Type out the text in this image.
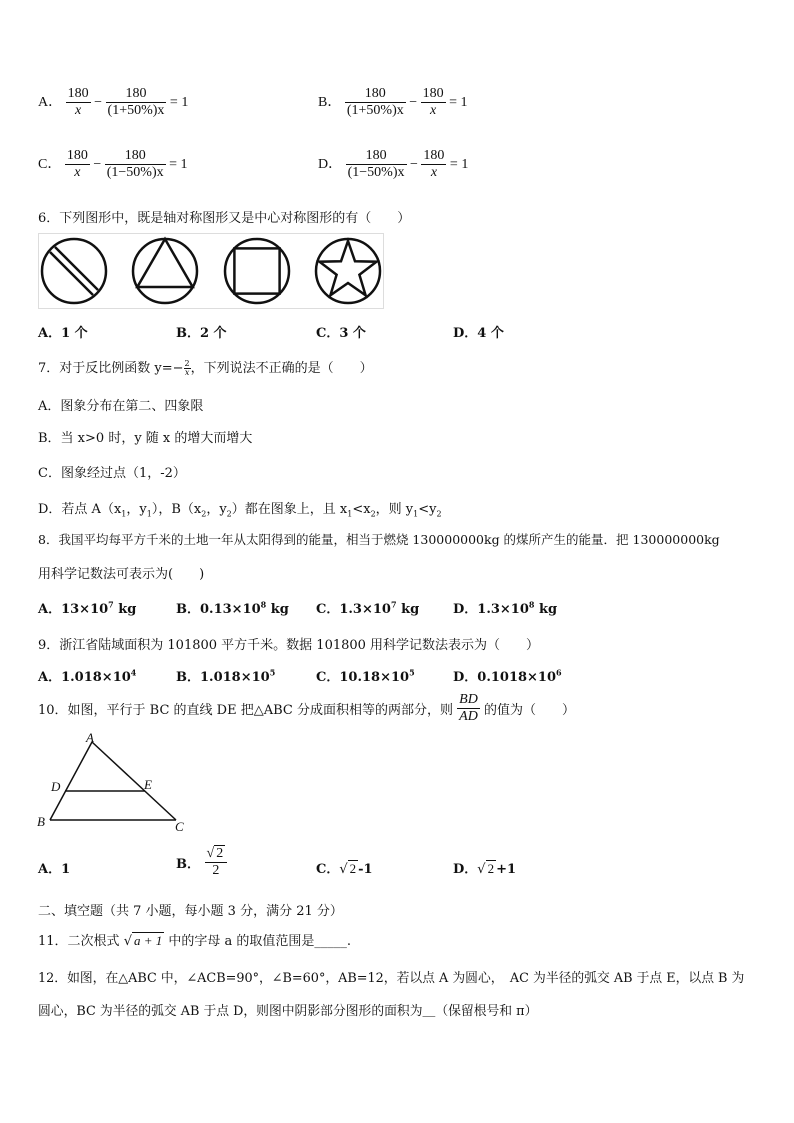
A． $\frac{180}{x} - \frac{180}{(1+50\%)x} = 1$	B． $\frac{180}{(1+50\%)x} - \frac{180}{x} = 1$
C． $\frac{180}{x} - \frac{180}{(1-50\%)x} = 1$	D． $\frac{180}{(1-50\%)x} - \frac{180}{x} = 1$
6．下列图形中，既是轴对称图形又是中心对称图形的有（　　）
A．1 个	B．2 个	C．3 个	D．4 个
7．对于反比例函数 $y=- \frac{2}{x}$ ，下列说法不正确的是（　　）
A．图象分布在第二、四象限
B．当 x>0 时，y 随 x 的增大而增大
C．图象经过点（1，-2）
D．若点 $A(x_1$，$y_1$），$B(x_2$，$y_2$）都在图象上，且 $x_1<x_2$，则 $y_1<y_2$
8．我国平均每平方千米的土地一年从太阳得到的能量，相当于燃烧 130000000kg 的煤所产生的能量．把 130000000kg
用科学记数法可表示为(　　)
A．$13\times 10^7$ kg	B．$0.13\times 10^8$ kg C．$1.3\times 10^7$ kg	D．$1.3\times 10^8$ kg
9．浙江省陆域面积为 101800 平方千米。数据 101800 用科学记数法表示为（　　）
A．$1.018\times 10^4$	B．$1.018\times 10^5$	C．$10.18\times 10^5$	D．$0.1018\times 10^6$
10．如图，平行于 BC 的直线 DE 把△ABC 分成面积相等的两部分，则 $\frac{BD}{AD}$ 的值为（　　）
A
D	E
B	C
A．1	B． $\frac{√ 2}{2}$	C．√ 2 -1	D．√ 2 +1
二、填空题（共 7 小题，每小题 3 分，满分 21 分）
11．二次根式 √ a + 1 中的字母 a 的取值范围是_____.
12．如图，在△ABC 中，∠ACB=90°，∠B=60°，AB=12，若以点 A 为圆心，　AC 为半径的弧交 AB 于点 E，以点 B 为
圆心，BC 为半径的弧交 AB 于点 D，则图中阴影部分图形的面积为＿（保留根号和 π）
